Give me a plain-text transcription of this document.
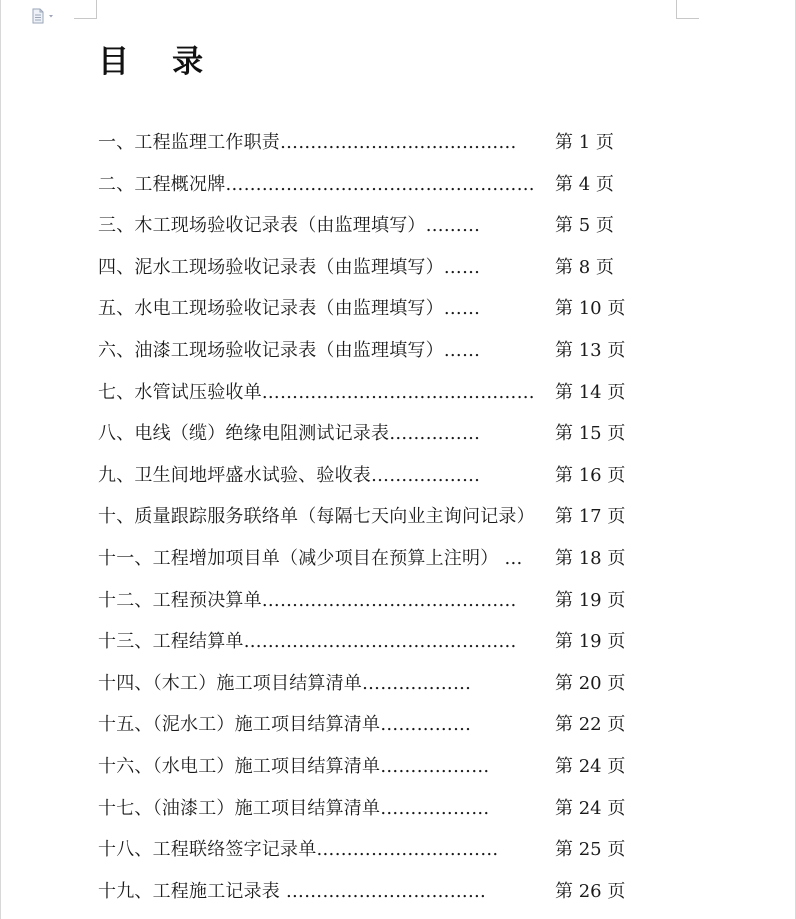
目    录
一、工程监理工作职责………………………………… 第 1 页
二、工程概况牌…………………………………………… 第 4 页
三、木工现场验收记录表（由监理填写）………	第 5 页
四、泥水工现场验收记录表（由监理填写）……	第 8 页
五、水电工现场验收记录表（由监理填写）……	第 10 页
六、油漆工现场验收记录表（由监理填写）……	第 13 页
七、水管试压验收单……………………………………… 第 14 页
八、电线（缆）绝缘电阻测试记录表……………	第 15 页
九、卫生间地坪盛水试验、验收表………………	第 16 页
十、质量跟踪服务联络单（每隔七天向业主询问记录） 第 17 页
十一、工程增加项目单（减少项目在预算上注明） … 第 18 页
十二、工程预决算单…………………………………… 第 19 页
十三、工程结算单……………………………………… 第 19 页
十四、（木工）施工项目结算清单………………	第 20 页
十五、（泥水工）施工项目结算清单……………	第 22 页
十六、（水电工）施工项目结算清单………………	第 24 页
十七、（油漆工）施工项目结算清单………………	第 24 页
十八、工程联络签字记录单…………………………	第 25 页
十九、工程施工记录表 ……………………………	第 26 页
